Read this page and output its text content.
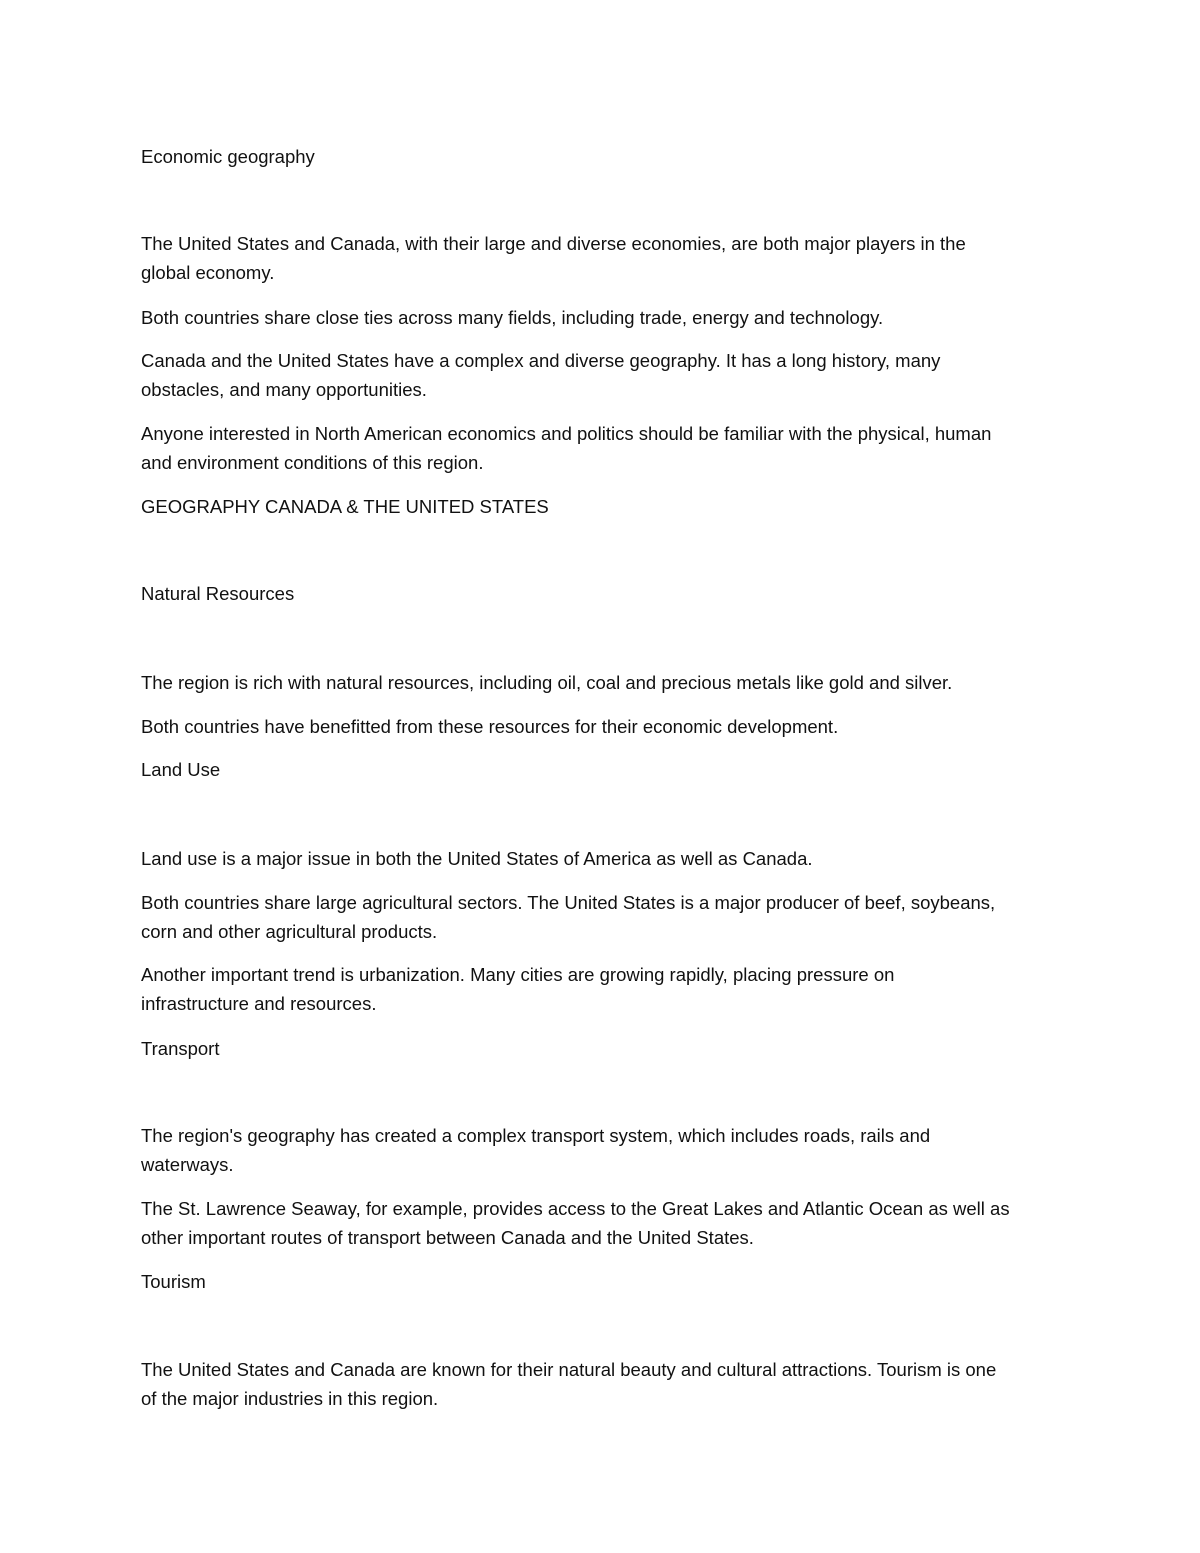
Economic geography
The United States and Canada, with their large and diverse economies, are both major players in the
global economy.
Both countries share close ties across many fields, including trade, energy and technology.
Canada and the United States have a complex and diverse geography. It has a long history, many
obstacles, and many opportunities.
Anyone interested in North American economics and politics should be familiar with the physical, human
and environment conditions of this region.
GEOGRAPHY CANADA & THE UNITED STATES
Natural Resources
The region is rich with natural resources, including oil, coal and precious metals like gold and silver.
Both countries have benefitted from these resources for their economic development.
Land Use
Land use is a major issue in both the United States of America as well as Canada.
Both countries share large agricultural sectors. The United States is a major producer of beef, soybeans,
corn and other agricultural products.
Another important trend is urbanization. Many cities are growing rapidly, placing pressure on
infrastructure and resources.
Transport
The region's geography has created a complex transport system, which includes roads, rails and
waterways.
The St. Lawrence Seaway, for example, provides access to the Great Lakes and Atlantic Ocean as well as
other important routes of transport between Canada and the United States.
Tourism
The United States and Canada are known for their natural beauty and cultural attractions. Tourism is one
of the major industries in this region.
